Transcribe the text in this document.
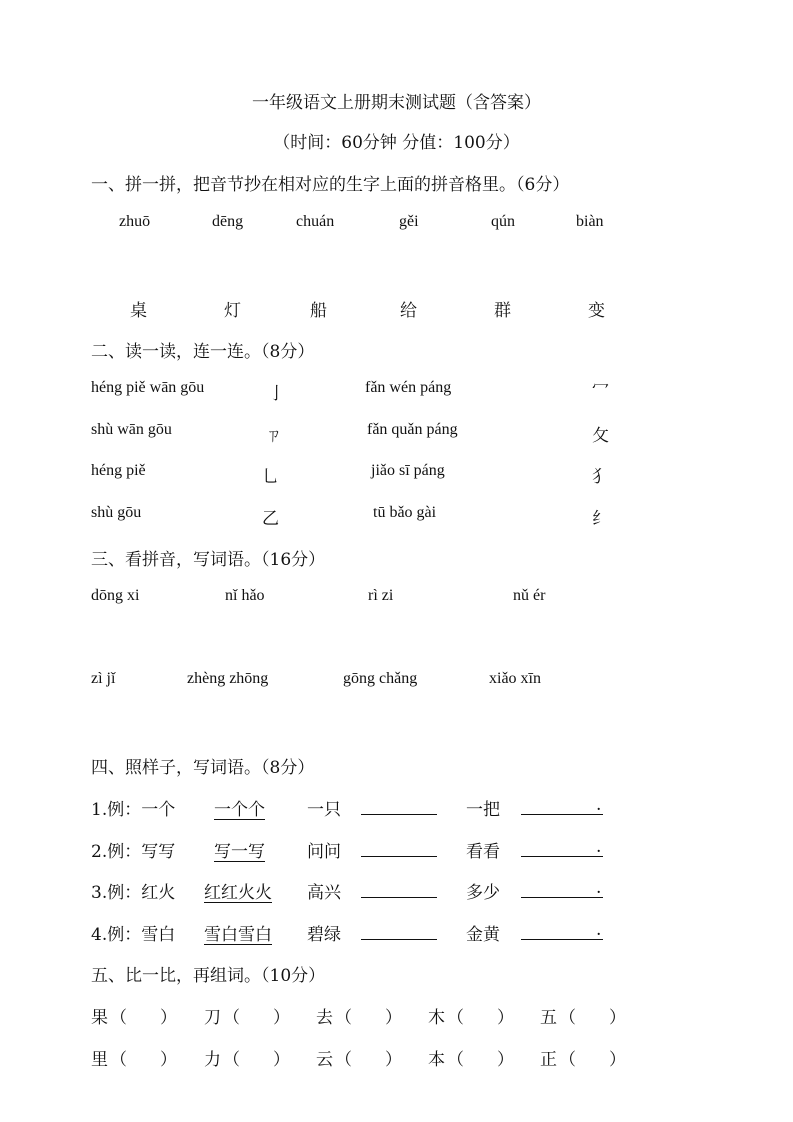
一年级语文上册期末测试题（含答案）
（时间：60分钟 分值：100分）
一、拼一拼，把音节抄在相对应的生字上面的拼音格里。（6分）
zhuō	dēng	chuán	gěi	qún	biàn
桌	灯	船	给	群	变
二、读一读，连一连。（8分）
héng piě wān gōu	亅	fǎn wén páng	冖
shù wān gōu	ㄗ	fǎn quǎn páng	攵
héng piě	乚	jiǎo sī páng	犭
shù gōu	乙	tū bǎo gài	纟
三、看拼音，写词语。（16分）
dōng xi	nǐ hǎo	rì zi	nǔ ér
zì jǐ	zhèng zhōng	gōng chǎng	xiǎo xīn
四、照样子，写词语。（8分）
1.例：一个 一个个 一只	一把	.
2.例：写写 写一写 问问	看看	.
3.例：红火 红红火火 高兴	多少	.
4.例：雪白 雪白雪白 碧绿	金黄	.
五、比一比，再组词。（10分）
果 （ ） 刀 （ ） 去 （ ） 木 （ ） 五 （ ）
里 （ ） 力 （ ） 云 （ ） 本 （ ） 正 （ ）
